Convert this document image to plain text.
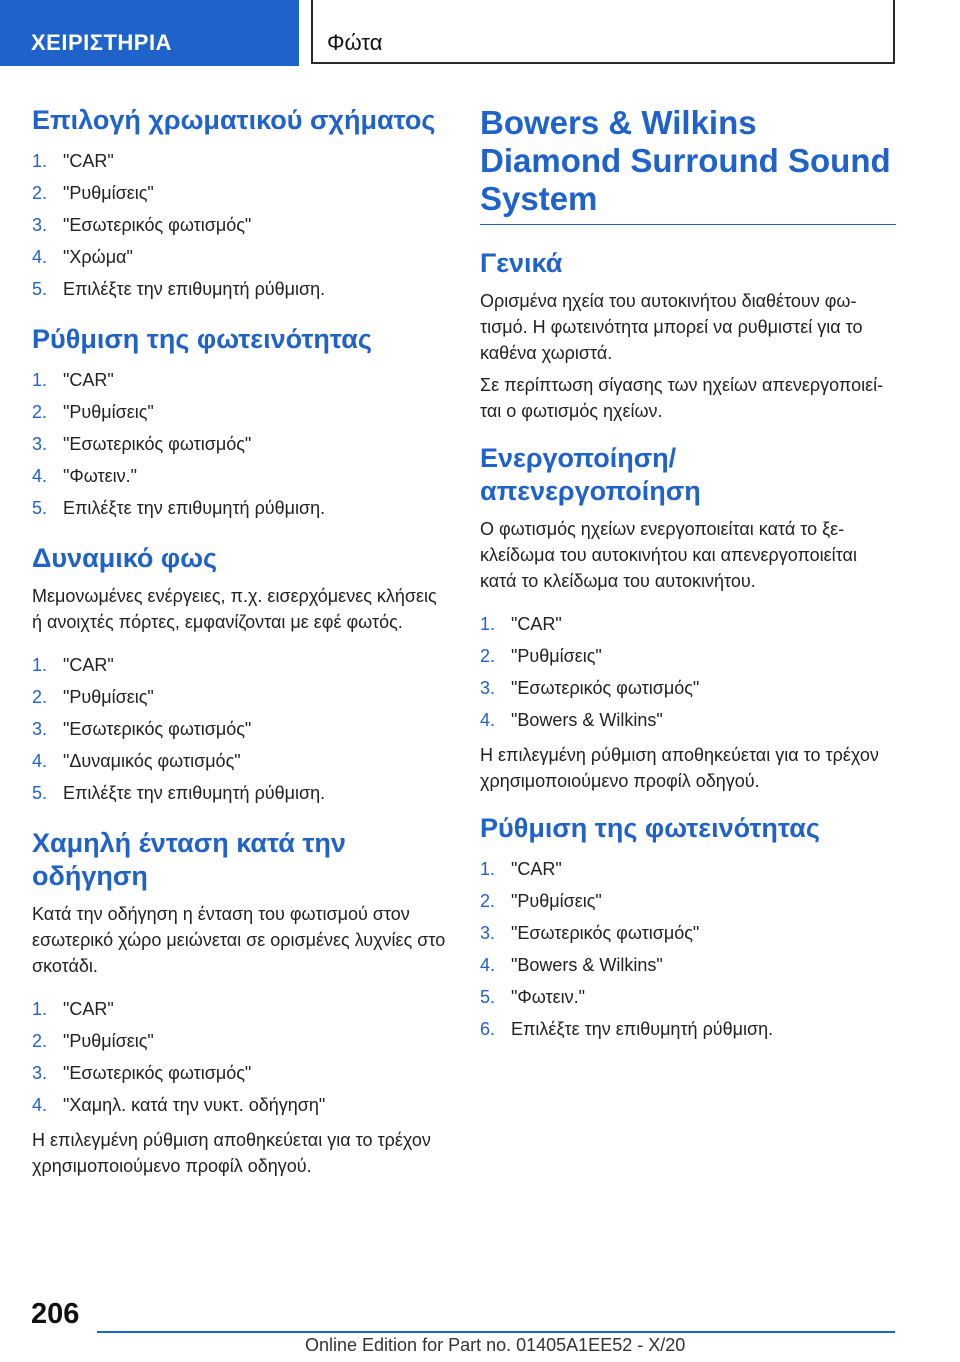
ΧΕΙΡΙΣΤΗΡΙΑ	Φώτα
Επιλογή χρωματικού σχήματος
1. "CAR"
2. "Ρυθμίσεις"
3. "Εσωτερικός φωτισμός"
4. "Χρώμα"
5. Επιλέξτε την επιθυμητή ρύθμιση.
Ρύθμιση της φωτεινότητας
1. "CAR"
2. "Ρυθμίσεις"
3. "Εσωτερικός φωτισμός"
4. "Φωτειν."
5. Επιλέξτε την επιθυμητή ρύθμιση.
Δυναμικό φως

Μεμονωμένες ενέργειες, π.χ. εισερχόμενες κλήσεις ή ανοιχτές πόρτες, εμφανίζονται με εφέ φωτός.

1. "CAR"
2. "Ρυθμίσεις"
3. "Εσωτερικός φωτισμός"
4. "Δυναμικός φωτισμός"
5. Επιλέξτε την επιθυμητή ρύθμιση.
Χαμηλή ένταση κατά την οδήγηση

Κατά την οδήγηση η ένταση του φωτισμού στον εσωτερικό χώρο μειώνεται σε ορισμένες λυχνίες στο σκοτάδι.

1. "CAR"
2. "Ρυθμίσεις"
3. "Εσωτερικός φωτισμός"
4. "Χαμηλ. κατά την νυκτ. οδήγηση"

Η επιλεγμένη ρύθμιση αποθηκεύεται για το τρέχον χρησιμοποιούμενο προφίλ οδηγού.

Bowers & Wilkins Diamond Surround Sound System
Γενικά

Ορισμένα ηχεία του αυτοκινήτου διαθέτουν φωτισμό. Η φωτεινότητα μπορεί να ρυθμιστεί για το καθένα χωριστά.

Σε περίπτωση σίγασης των ηχείων απενεργοποιείται ο φωτισμός ηχείων.

Ενεργοποίηση/απενεργοποίηση

Ο φωτισμός ηχείων ενεργοποιείται κατά το ξεκλείδωμα του αυτοκινήτου και απενεργοποιείται κατά το κλείδωμα του αυτοκινήτου.

1. "CAR"
2. "Ρυθμίσεις"
3. "Εσωτερικός φωτισμός"
4. "Bowers & Wilkins"

Η επιλεγμένη ρύθμιση αποθηκεύεται για το τρέχον χρησιμοποιούμενο προφίλ οδηγού.

Ρύθμιση της φωτεινότητας
1. "CAR"
2. "Ρυθμίσεις"
3. "Εσωτερικός φωτισμός"
4. "Bowers & Wilkins"
5. "Φωτειν."
6. Επιλέξτε την επιθυμητή ρύθμιση.
206
Online Edition for Part no. 01405A1EE52 - X/20
